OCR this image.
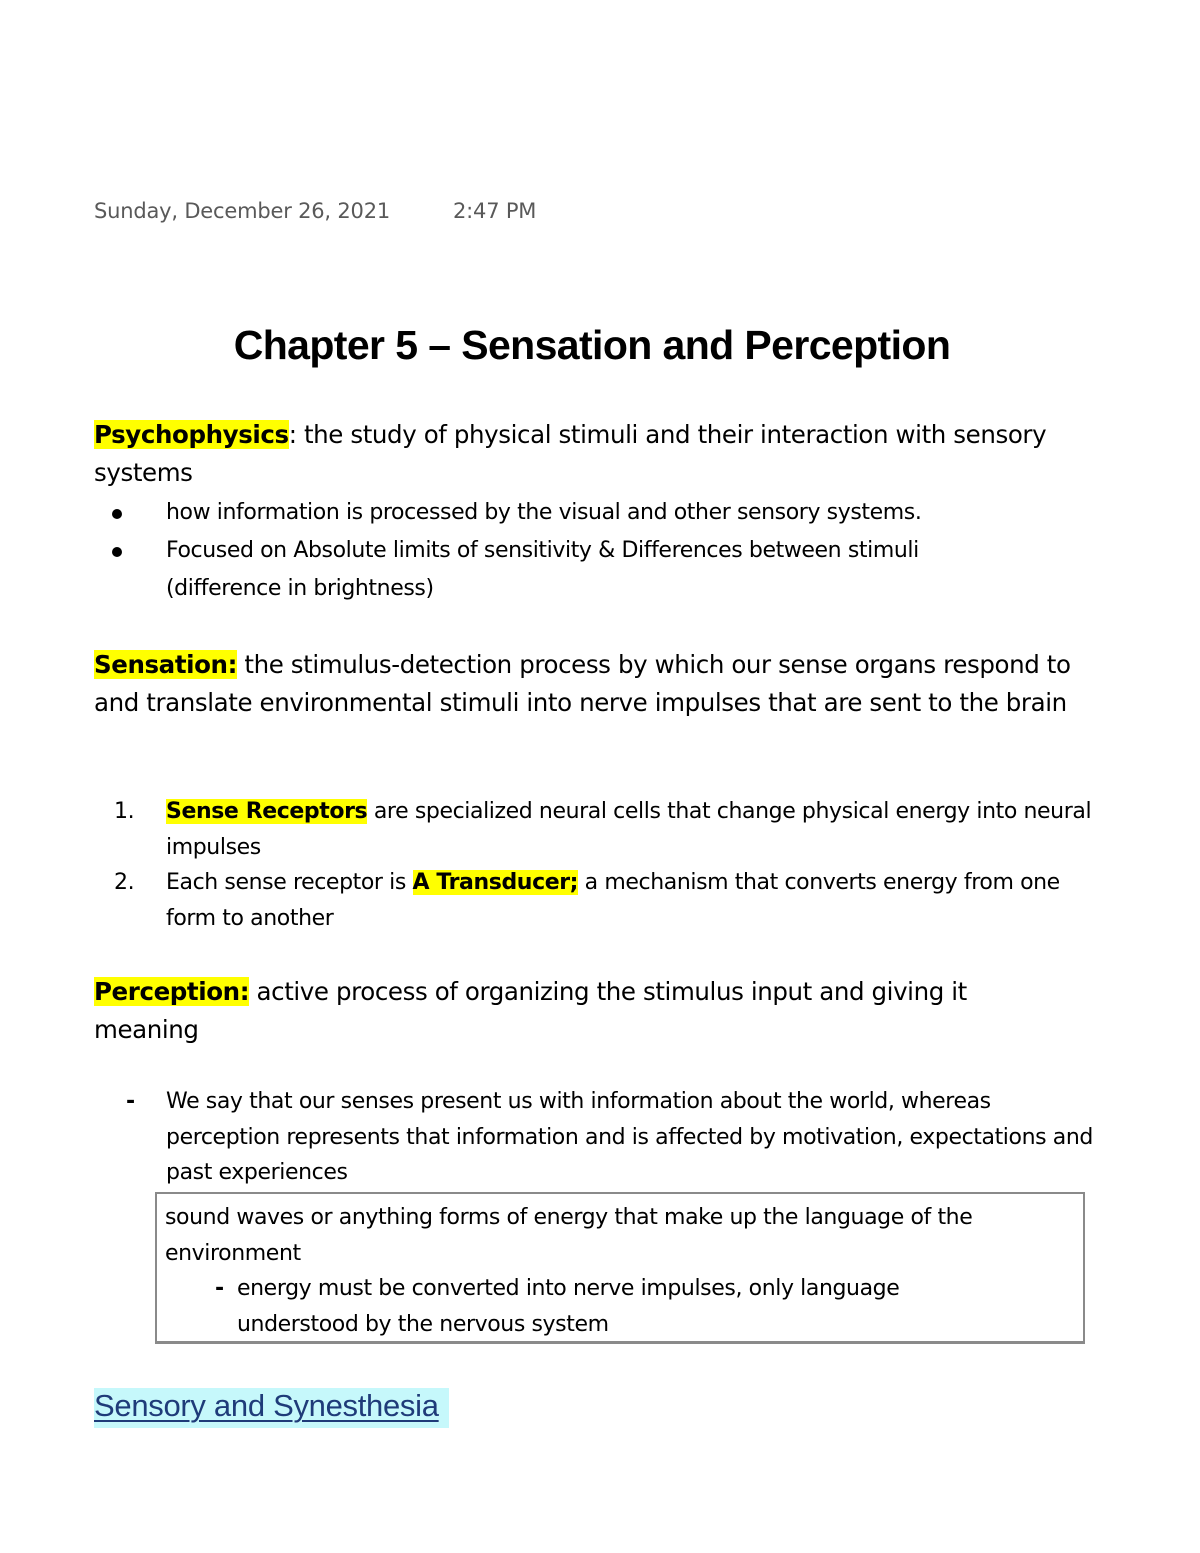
Sunday, December 26, 2021	2:47 PM
Chapter 5 – Sensation and Perception
Psychophysics: the study of physical stimuli and their interaction with sensory systems
how information is processed by the visual and other sensory systems.
Focused on Absolute limits of sensitivity & Differences between stimuli (difference in brightness)
Sensation: the stimulus-detection process by which our sense organs respond to and translate environmental stimuli into nerve impulses that are sent to the brain
1. Sense Receptors are specialized neural cells that change physical energy into neural impulses
2. Each sense receptor is A Transducer; a mechanism that converts energy from one form to another
Perception: active process of organizing the stimulus input and giving it meaning
- We say that our senses present us with information about the world, whereas perception represents that information and is affected by motivation, expectations and past experiences
sound waves or anything forms of energy that make up the language of the environment
- energy must be converted into nerve impulses, only language understood by the nervous system
Sensory and Synesthesia
